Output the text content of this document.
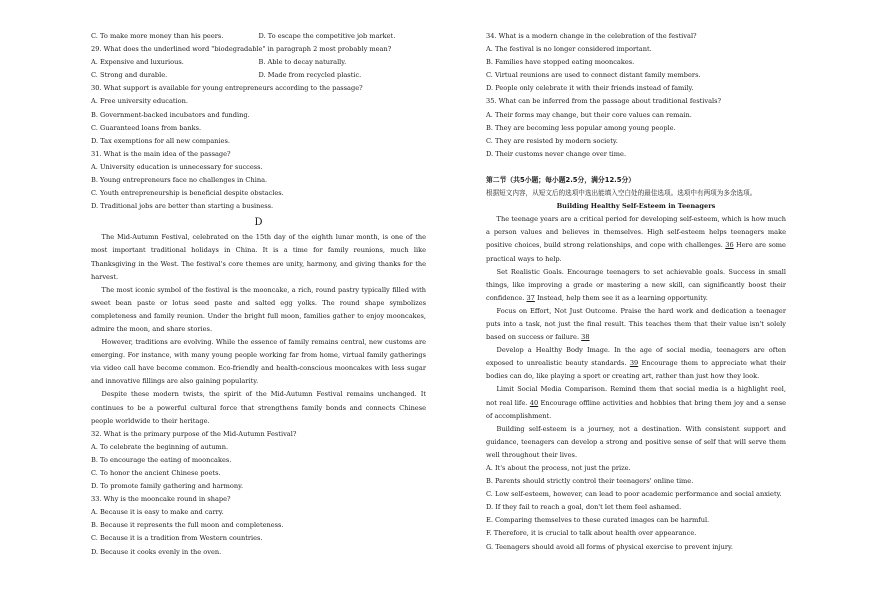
C. To make more money than his peers.	D. To escape the competitive job market.
29. What does the underlined word "biodegradable" in paragraph 2 most probably mean?
A. Expensive and luxurious.	B. Able to decay naturally.
C. Strong and durable.	D. Made from recycled plastic.
30. What support is available for young entrepreneurs according to the passage?
A. Free university education.
B. Government-backed incubators and funding.
C. Guaranteed loans from banks.
D. Tax exemptions for all new companies.
31. What is the main idea of the passage?
A. University education is unnecessary for success.
B. Young entrepreneurs face no challenges in China.
C. Youth entrepreneurship is beneficial despite obstacles.
D. Traditional jobs are better than starting a business.
D
The Mid-Autumn Festival, celebrated on the 15th day of the eighth lunar month, is one of the most important traditional holidays in China. It is a time for family reunions, much like Thanksgiving in the West. The festival's core themes are unity, harmony, and giving thanks for the harvest.
The most iconic symbol of the festival is the mooncake, a rich, round pastry typically filled with sweet bean paste or lotus seed paste and salted egg yolks. The round shape symbolizes completeness and family reunion. Under the bright full moon, families gather to enjoy mooncakes, admire the moon, and share stories.
However, traditions are evolving. While the essence of family remains central, new customs are emerging. For instance, with many young people working far from home, virtual family gatherings via video call have become common. Eco-friendly and health-conscious mooncakes with less sugar and innovative fillings are also gaining popularity.
Despite these modern twists, the spirit of the Mid-Autumn Festival remains unchanged. It continues to be a powerful cultural force that strengthens family bonds and connects Chinese people worldwide to their heritage.
32. What is the primary purpose of the Mid-Autumn Festival?
A. To celebrate the beginning of autumn.
B. To encourage the eating of mooncakes.
C. To honor the ancient Chinese poets.
D. To promote family gathering and harmony.
33. Why is the mooncake round in shape?
A. Because it is easy to make and carry.
B. Because it represents the full moon and completeness.
C. Because it is a tradition from Western countries.
D. Because it cooks evenly in the oven.
34. What is a modern change in the celebration of the festival?
A. The festival is no longer considered important.
B. Families have stopped eating mooncakes.
C. Virtual reunions are used to connect distant family members.
D. People only celebrate it with their friends instead of family.
35. What can be inferred from the passage about traditional festivals?
A. Their forms may change, but their core values can remain.
B. They are becoming less popular among young people.
C. They are resisted by modern society.
D. Their customs never change over time.
第二节（共5小题；每小题2.5分，满分12.5分）
根据短文内容，从短文后的选项中选出能填入空白处的最佳选项。选项中有两项为多余选项。
Building Healthy Self-Esteem in Teenagers
The teenage years are a critical period for developing self-esteem, which is how much a person values and believes in themselves. High self-esteem helps teenagers make positive choices, build strong relationships, and cope with challenges. 36 Here are some practical ways to help.
Set Realistic Goals. Encourage teenagers to set achievable goals. Success in small things, like improving a grade or mastering a new skill, can significantly boost their confidence. 37 Instead, help them see it as a learning opportunity.
Focus on Effort, Not Just Outcome. Praise the hard work and dedication a teenager puts into a task, not just the final result. This teaches them that their value isn't solely based on success or failure. 38
Develop a Healthy Body Image. In the age of social media, teenagers are often exposed to unrealistic beauty standards. 39 Encourage them to appreciate what their bodies can do, like playing a sport or creating art, rather than just how they look.
Limit Social Media Comparison. Remind them that social media is a highlight reel, not real life. 40 Encourage offline activities and hobbies that bring them joy and a sense of accomplishment.
Building self-esteem is a journey, not a destination. With consistent support and guidance, teenagers can develop a strong and positive sense of self that will serve them well throughout their lives.
A. It's about the process, not just the prize.
B. Parents should strictly control their teenagers' online time.
C. Low self-esteem, however, can lead to poor academic performance and social anxiety.
D. If they fail to reach a goal, don't let them feel ashamed.
E. Comparing themselves to these curated images can be harmful.
F. Therefore, it is crucial to talk about health over appearance.
G. Teenagers should avoid all forms of physical exercise to prevent injury.
